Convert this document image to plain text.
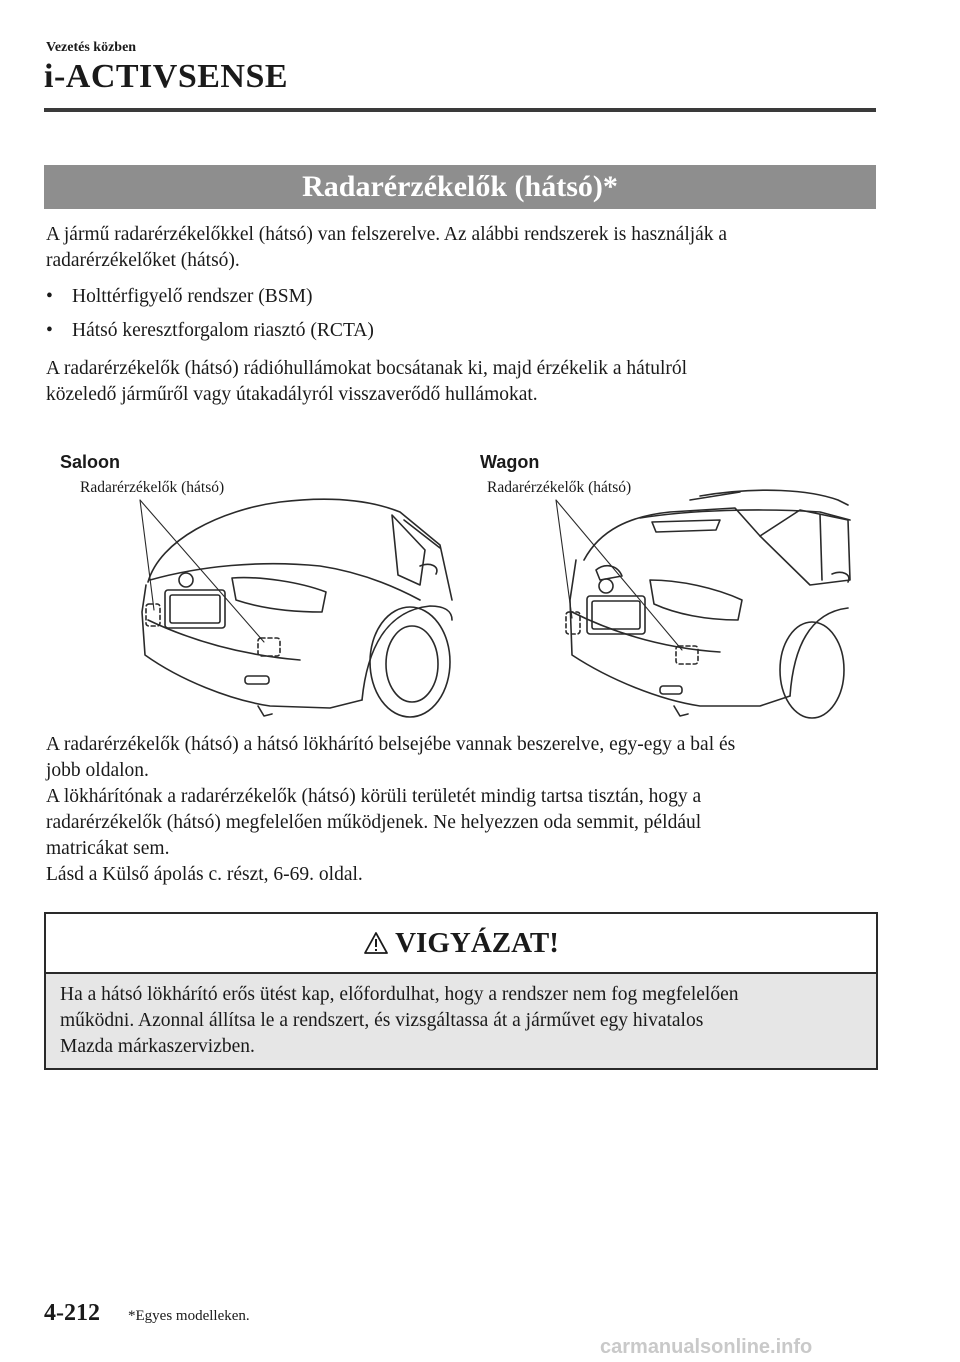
Vezetés közben
i-ACTIVSENSE
Radarérzékelők (hátsó)*
A jármű radarérzékelőkkel (hátsó) van felszerelve. Az alábbi rendszerek is használják a
radarérzékelőket (hátsó).
• Holttérfigyelő rendszer (BSM)
• Hátsó keresztforgalom riasztó (RCTA)
A radarérzékelők (hátsó) rádióhullámokat bocsátanak ki, majd érzékelik a hátulról
közeledő járműről vagy útakadályról visszaverődő hullámokat.
Saloon
Radarérzékelők (hátsó)
Wagon
Radarérzékelők (hátsó)
A radarérzékelők (hátsó) a hátsó lökhárító belsejébe vannak beszerelve, egy-egy a bal és
jobb oldalon.
A lökhárítónak a radarérzékelők (hátsó) körüli területét mindig tartsa tisztán, hogy a
radarérzékelők (hátsó) megfelelően működjenek. Ne helyezzen oda semmit, például
matricákat sem.
Lásd a Külső ápolás c. részt, 6-69. oldal.
VIGYÁZAT!
Ha a hátsó lökhárító erős ütést kap, előfordulhat, hogy a rendszer nem fog megfelelően
működni. Azonnal állítsa le a rendszert, és vizsgáltassa át a járművet egy hivatalos
Mazda márkaszervizben.
4-212 *Egyes modelleken.
carmanualsonline.info
